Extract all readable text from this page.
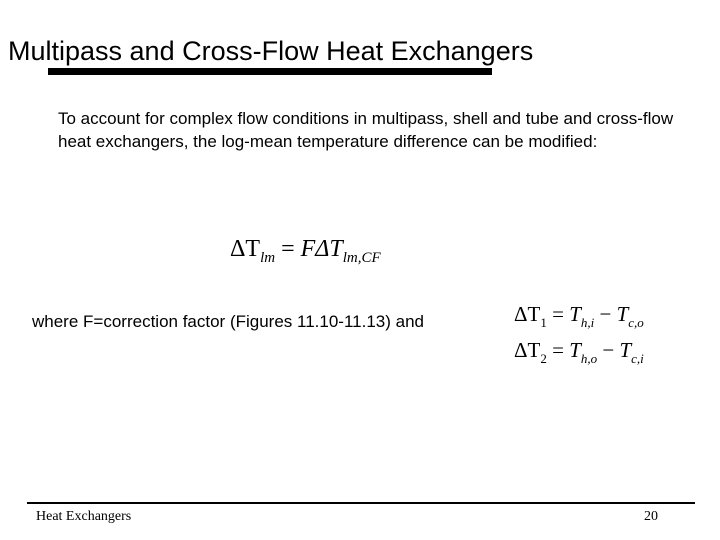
Multipass and Cross-Flow Heat Exchangers
To account for complex flow conditions in multipass, shell and tube and cross-flow heat exchangers, the log-mean temperature difference can be modified:
$\Delta T_{lm} = F\Delta T_{lm,CF}$
where F=correction factor (Figures 11.10-11.13) and	$\Delta T_1 = T_{h,i} - T_{c,o}$
$\Delta T_2 = T_{h,o} - T_{c,i}$
Heat Exchangers	20
